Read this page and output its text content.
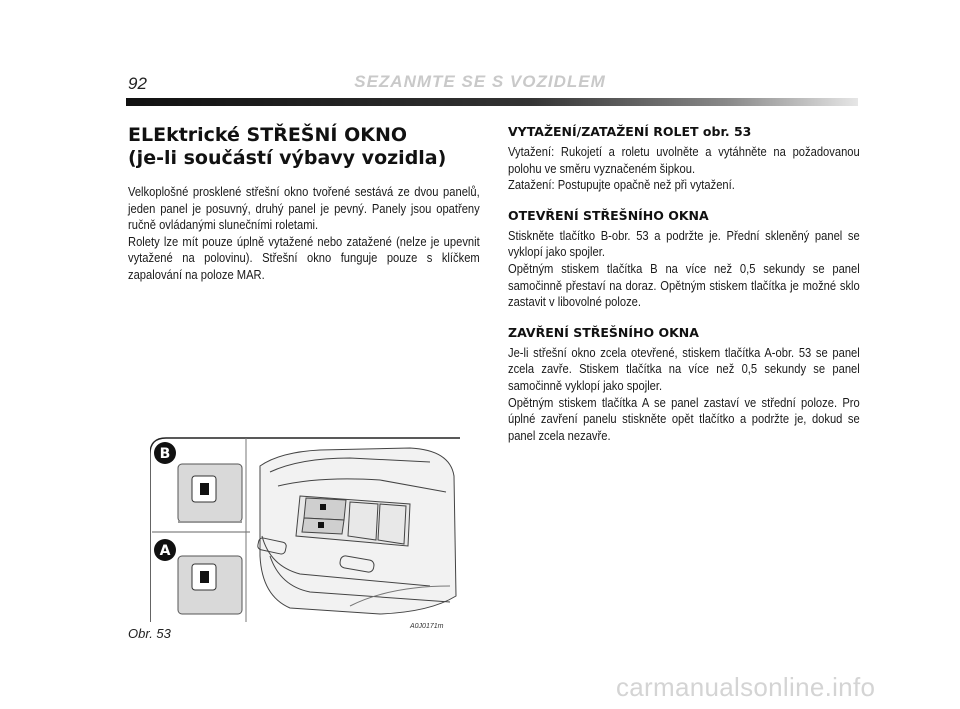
92	SEZANMTE SE S VOZIDLEM
ELEktrické STŘEŠNÍ OKNO
(je-li součástí výbavy vozidla)

Velkoplošné prosklené střešní okno tvořené sestává ze dvou panelů, jeden panel je posuvný, druhý panel je pevný. Panely jsou opatřeny ručně ovládanými slunečními roletami.

Rolety lze mít pouze úplně vytažené nebo zatažené (nelze je upevnit vytažené na polovinu). Střešní okno funguje pouze s klíčkem zapalování na poloze MAR.

B
A
Obr. 53	A0J0171m
VYTAŽENÍ/ZATAŽENÍ ROLET obr. 53

Vytažení: Rukojetí a roletu uvolněte a vytáhněte na požadovanou polohu ve směru vyznačeném šipkou.

Zatažení: Postupujte opačně než při vytažení.

OTEVŘENÍ STŘEŠNÍHO OKNA

Stiskněte tlačítko B-obr. 53 a podržte je. Přední skleněný panel se vyklopí jako spojler.

Opětným stiskem tlačítka B na více než 0,5 sekundy se panel samočinně přestaví na doraz. Opětným stiskem tlačítka je možné sklo zastavit v libovolné poloze.

ZAVŘENÍ STŘEŠNÍHO OKNA

Je-li střešní okno zcela otevřené, stiskem tlačítka A-obr. 53 se panel zcela zavře. Stiskem tlačítka na více než 0,5 sekundy se panel samočinně vyklopí jako spojler.

Opětným stiskem tlačítka A se panel zastaví ve střední poloze. Pro úplné zavření panelu stiskněte opět tlačítko a podržte je, dokud se panel zcela nezavře.

carmanualsonline.info
